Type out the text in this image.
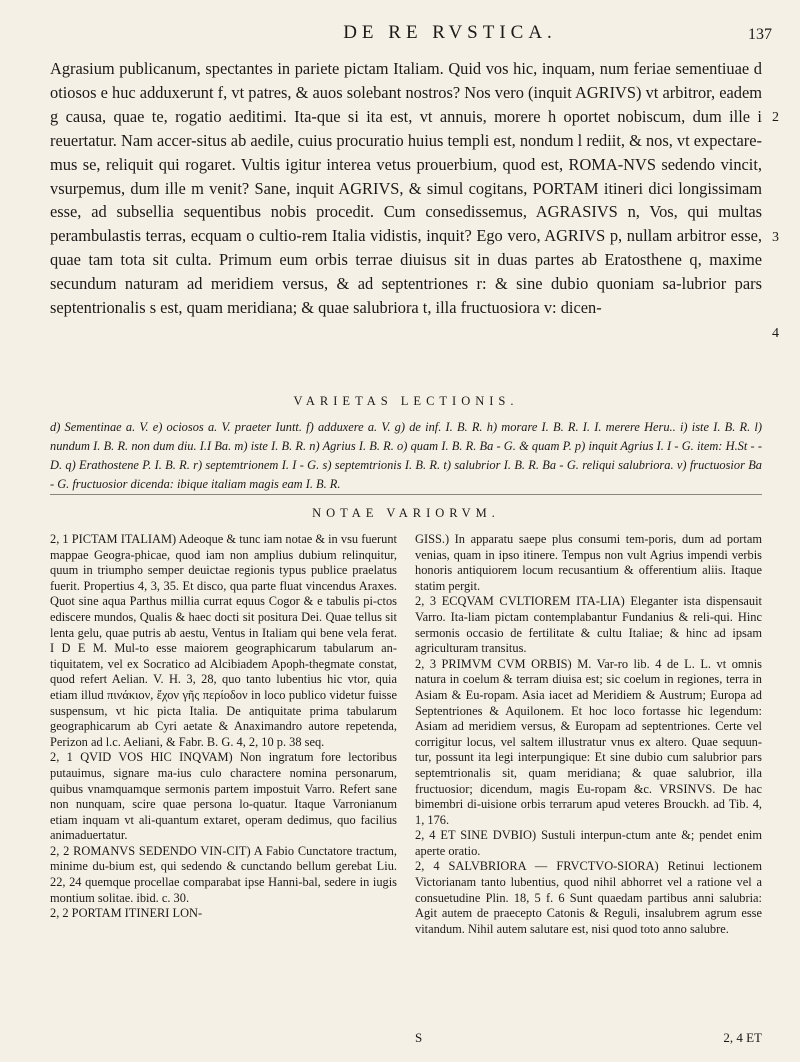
DE RE RVSTICA.	137

Agrasium publicanum, spectantes in pariete pictam Italiam. Quid vos hic, inquam, num feriae sementiuae d otiosos e huc adduxerunt f, vt patres, & auos solebant nostros? Nos vero (inquit AGRIVS) vt arbitror, eadem g causa, quae te, rogatio aeditimi. Ita-que si ita est, vt annuis, morere h oportet nobiscum, dum ille i reuertatur. Nam accer-situs ab aedile, cuius procuratio huius templi est, nondum l rediit, & nos, vt expectare-mus se, reliquit qui rogaret. Vultis igitur interea vetus prouerbium, quod est, ROMA-NVS sedendo vincit, vsurpemus, dum ille m venit? Sane, inquit AGRIVS, & simul cogitans, PORTAM itineri dici longissimam esse, ad subsellia sequentibus nobis procedit. Cum consedissemus, AGRASIVS n, Vos, qui multas perambulastis terras, ecquam o cultio-rem Italia vidistis, inquit? Ego vero, AGRIVS p, nullam arbitror esse, quae tam tota sit culta. Primum eum orbis terrae diuisus sit in duas partes ab Eratosthene q, maxime secundum naturam ad meridiem versus, & ad septentriones r: & sine dubio quoniam sa-lubrior pars septentrionalis s est, quam meridiana; & quae salubriora t, illa fructuosiora v: dicen-

2
3
4
VARIETAS LECTIONIS.

d) Sementinae a. V. e) ociosos a. V. praeter Iuntt. f) adduxere a. V. g) de inf. I. B. R. h) morare I. B. R. I. I. merere Heru.. i) iste I. B. R. l) nundum I. B. R. non dum diu. I.I Ba. m) iste I. B. R. n) Agrius I. B. R. o) quam I. B. R. Ba - G. & quam P. p) inquit Agrius I. I - G. item: H.St - - D. q) Erathostene P. I. B. R. r) septemtrionem I. I - G. s) septemtrionis I. B. R. t) salubrior I. B. R. Ba - G. reliqui salubriora. v) fructuosior Ba - G. fructuosior dicenda: ibique italiam magis eam I. B. R.

NOTAE VARIORVM.

2, 1 PICTAM ITALIAM) Adeoque & tunc iam notae & in vsu fuerunt mappae Geogra-phicae, quod iam non amplius dubium relinquitur, quum in triumpho semper deuictae regionis typus publice praelatus fuerit. Propertius 4, 3, 35. Et disco, qua parte fluat vincendus Araxes. Quot sine aqua Parthus millia currat equus Cogor & e tabulis pi-ctos ediscere mundos, Qualis & haec docti sit positura Dei. Quae tellus sit lenta gelu, quae putris ab aestu, Ventus in Italiam qui bene vela ferat. I D E M. Mul-to esse maiorem geographicarum tabularum an-tiquitatem, vel ex Socratico ad Alcibiadem Apoph-thegmate constat, quod refert Aelian. V. H. 3, 28, quo tanto lubentius hic vtor, quia etiam illud πινάκιον, ἔχον γῆς περίοδον in loco publico videtur fuisse suspensum, vt hic picta Italia. De antiquitate prima tabularum geographicarum ab Cyri aetate & Anaximandro autore repetenda, Perizon ad l.c. Aeliani, & Fabr. B. G. 4, 2, 10 p. 38 seq.

2, 1 QVID VOS HIC INQVAM) Non ingratum fore lectoribus putauimus, signare ma-ius culo charactere nomina personarum, quibus vnamquamque sermonis partem impostuit Varro. Refert sane non nunquam, scire quae persona lo-quatur. Itaque Varronianum etiam inquam vt ali-quantum extaret, operam dedimus, quo facilius animaduertatur.

2, 2 ROMANVS SEDENDO VIN-CIT) A Fabio Cunctatore tractum, minime du-bium est, qui sedendo & cunctando bellum gerebat Liu. 22, 24 quemque procellae comparabat ipse Hanni-bal, sedere in iugis montium solitae. ibid. c. 30.

2, 2 PORTAM ITINERI LON-

GISS.) In apparatu saepe plus consumi tem-poris, dum ad portam venias, quam in ipso itinere. Tempus non vult Agrius impendi verbis honoris antiquiorem locum recusantium & offerentium aliis. Itaque statim pergit.

2, 3 ECQVAM CVLTIOREM ITA-LIA) Eleganter ista dispensauit Varro. Ita-liam pictam contemplabantur Fundanius & reli-qui. Hinc sermonis occasio de fertilitate & cultu Italiae; & hinc ad ipsam agriculturam transitus.

2, 3 PRIMVM CVM ORBIS) M. Var-ro lib. 4 de L. L. vt omnis natura in coelum & terram diuisa est; sic coelum in regiones, terra in Asiam & Eu-ropam. Asia iacet ad Meridiem & Austrum; Europa ad Septentriones & Aquilonem. Et hoc loco fortasse hic legendum: Asiam ad meridiem versus, & Europam ad septentriones. Certe vel corrigitur locus, vel saltem illustratur vnus ex altero. Quae sequun-tur, possunt ita legi interpungique: Et sine dubio cum salubrior pars septemtrionalis sit, quam meridiana; & quae salubrior, illa fructuosior; dicendum, magis Eu-ropam &c. VRSINVS. De hac bimembri di-uisione orbis terrarum apud veteres Brouckh. ad Tib. 4, 1, 176.

2, 4 ET SINE DVBIO) Sustuli interpun-ctum ante &; pendet enim aperte oratio.

2, 4 SALVBRIORA — FRVCTVO-SIORA) Retinui lectionem Victorianam tanto lubentius, quod nihil abhorret vel a ratione vel a consuetudine Plin. 18, 5 f. 6 Sunt quaedam partibus anni salubria: Agit autem de praecepto Catonis & Reguli, insalubrem agrum esse vitandum. Nihil autem salutare est, nisi quod toto anno salubre.

S	2, 4 ET
